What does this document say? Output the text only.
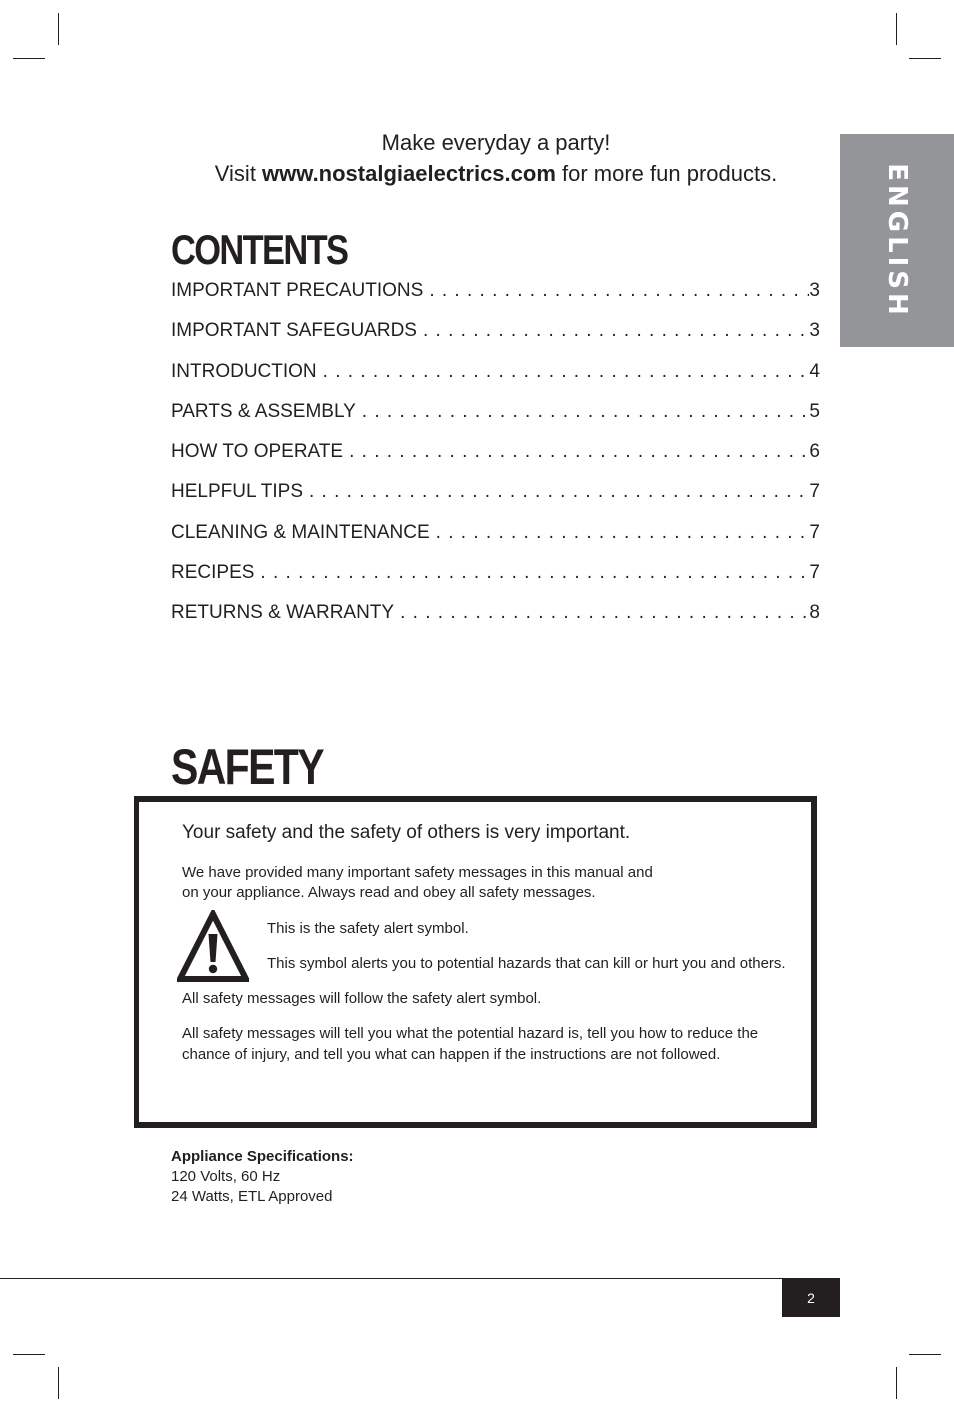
Make everyday a party!
Visit www.nostalgiaelectrics.com for more fun products.	ENGLISH
CONTENTS
IMPORTANT PRECAUTIONS . . .	3
IMPORTANT SAFEGUARDS . . .	3
INTRODUCTION . . .	4
PARTS & ASSEMBLY . . .	5
HOW TO OPERATE . . .	6
HELPFUL TIPS . . .	7
CLEANING & MAINTENANCE . . .	7
RECIPES . . .	7
RETURNS & WARRANTY . . .	8
SAFETY
Your safety and the safety of others is very important.
We have provided many important safety messages in this manual and
on your appliance. Always read and obey all safety messages.
This is the safety alert symbol.
This symbol alerts you to potential hazards that can kill or hurt you and others.
All safety messages will follow the safety alert symbol.
All safety messages will tell you what the potential hazard is, tell you how to reduce the
chance of injury, and tell you what can happen if the instructions are not followed.
Appliance Specifications:
120 Volts, 60 Hz
24 Watts, ETL Approved
2
